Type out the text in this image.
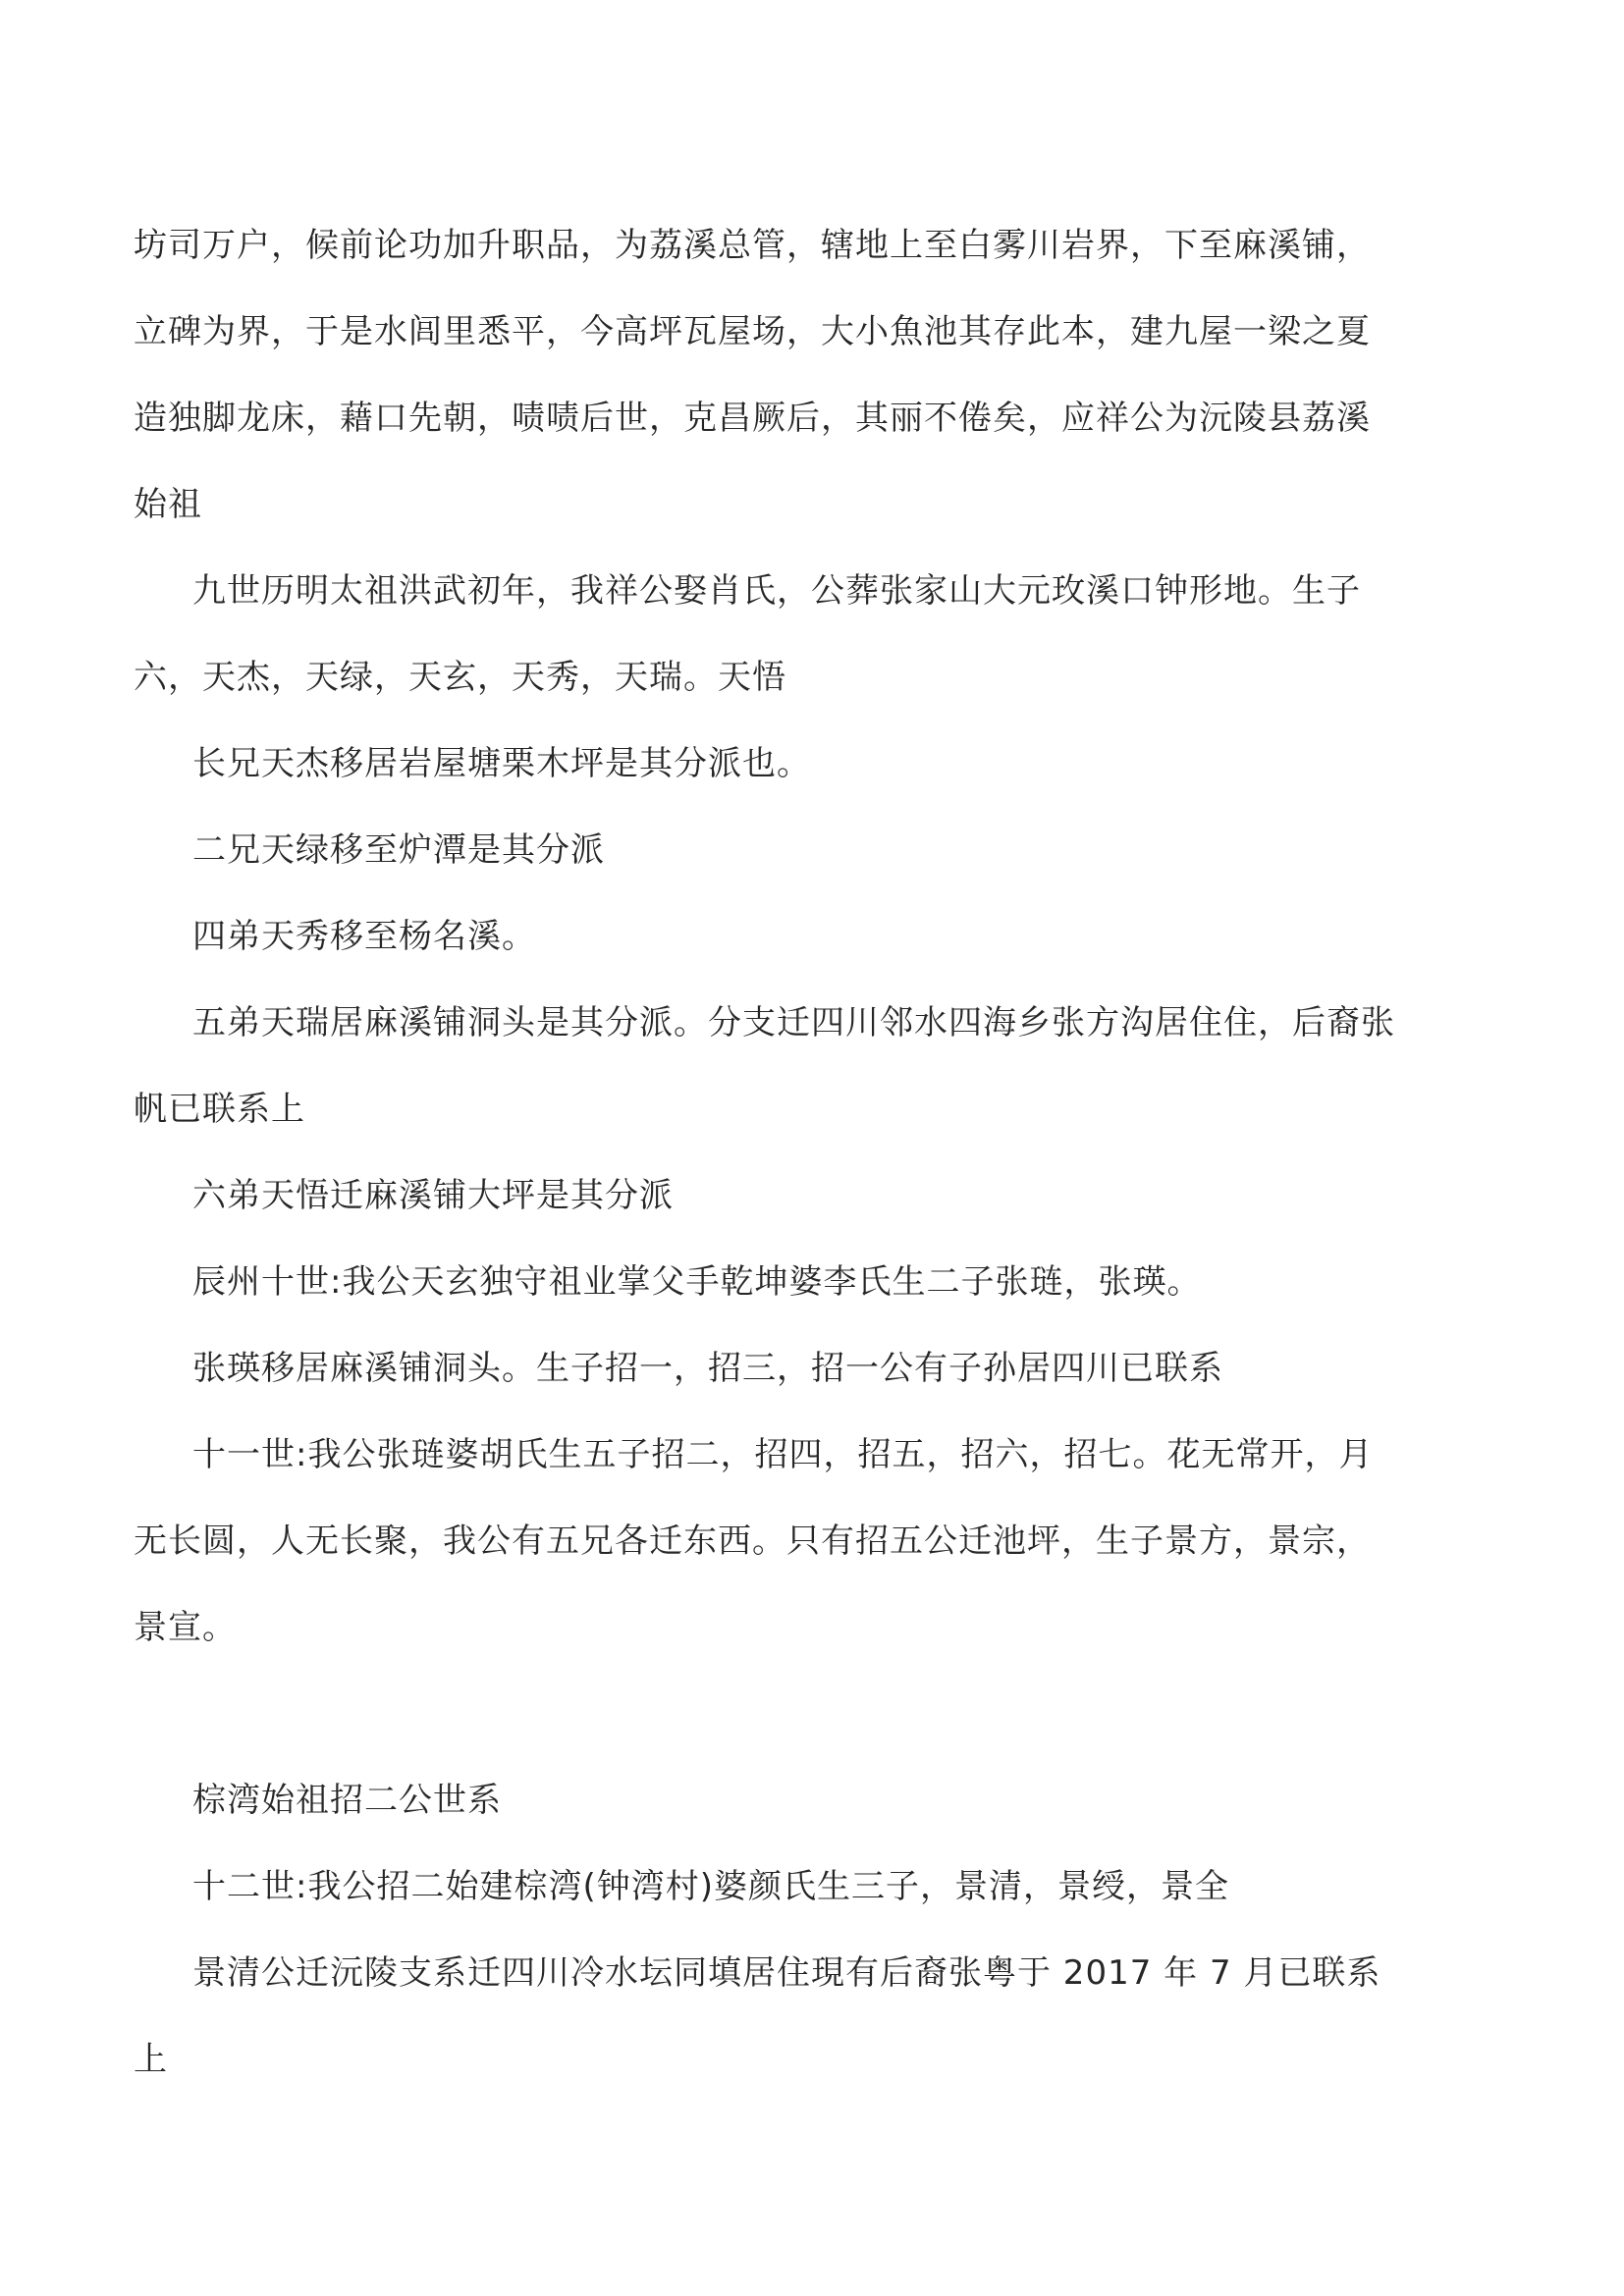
坊司万户，候前论功加升职品，为荔溪总管，辖地上至白雾川岩界，下至麻溪铺，立碑为界，于是水闾里悉平，今高坪瓦屋场，大小魚池其存此本，建九屋一梁之夏造独脚龙床，藉口先朝，啧啧后世，克昌厥后，其丽不倦矣，应祥公为沅陵县荔溪始祖

九世历明太祖洪武初年，我祥公娶肖氏，公葬张家山大元玫溪口钟形地。生子六，天杰，天绿，天玄，天秀，天瑞。天悟

长兄天杰移居岩屋塘栗木坪是其分派也。

二兄天绿移至炉潭是其分派

四弟天秀移至杨名溪。

五弟天瑞居麻溪铺洞头是其分派。分支迁四川邻水四海乡张方沟居住住，后裔张帆已联系上

六弟天悟迁麻溪铺大坪是其分派

辰州十世:我公天玄独守祖业掌父手乾坤婆李氏生二子张琏，张瑛。

张瑛移居麻溪铺洞头。生子招一，招三，招一公有子孙居四川已联系

十一世:我公张琏婆胡氏生五子招二，招四，招五，招六，招七。花无常开，月无长圆，人无长聚，我公有五兄各迁东西。只有招五公迁池坪，生子景方，景宗，景宣。

棕湾始祖招二公世系

十二世:我公招二始建棕湾(钟湾村)婆颜氏生三子，景清，景绶，景全

景清公迁沅陵支系迁四川冷水坛同填居住現有后裔张粤于 2017 年 7 月已联系上
